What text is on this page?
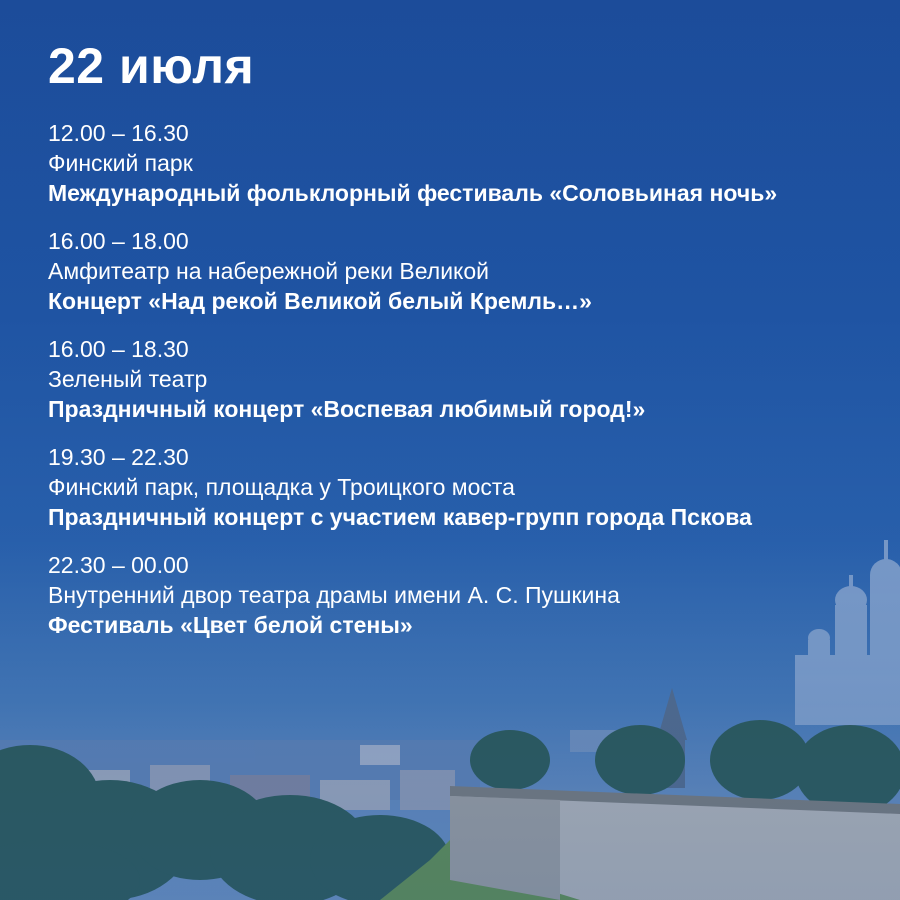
22 июля
12.00 – 16.30
Финский парк
Международный фольклорный фестиваль «Соловьиная ночь»
16.00 – 18.00
Амфитеатр на набережной реки Великой
Концерт «Над рекой Великой белый Кремль…»
16.00 – 18.30
Зеленый театр
Праздничный концерт «Воспевая любимый город!»
19.30 – 22.30
Финский парк, площадка у Троицкого моста
Праздничный концерт с участием кавер-групп города Пскова
22.30 – 00.00
Внутренний двор театра драмы имени А. С. Пушкина
Фестиваль «Цвет белой стены»
